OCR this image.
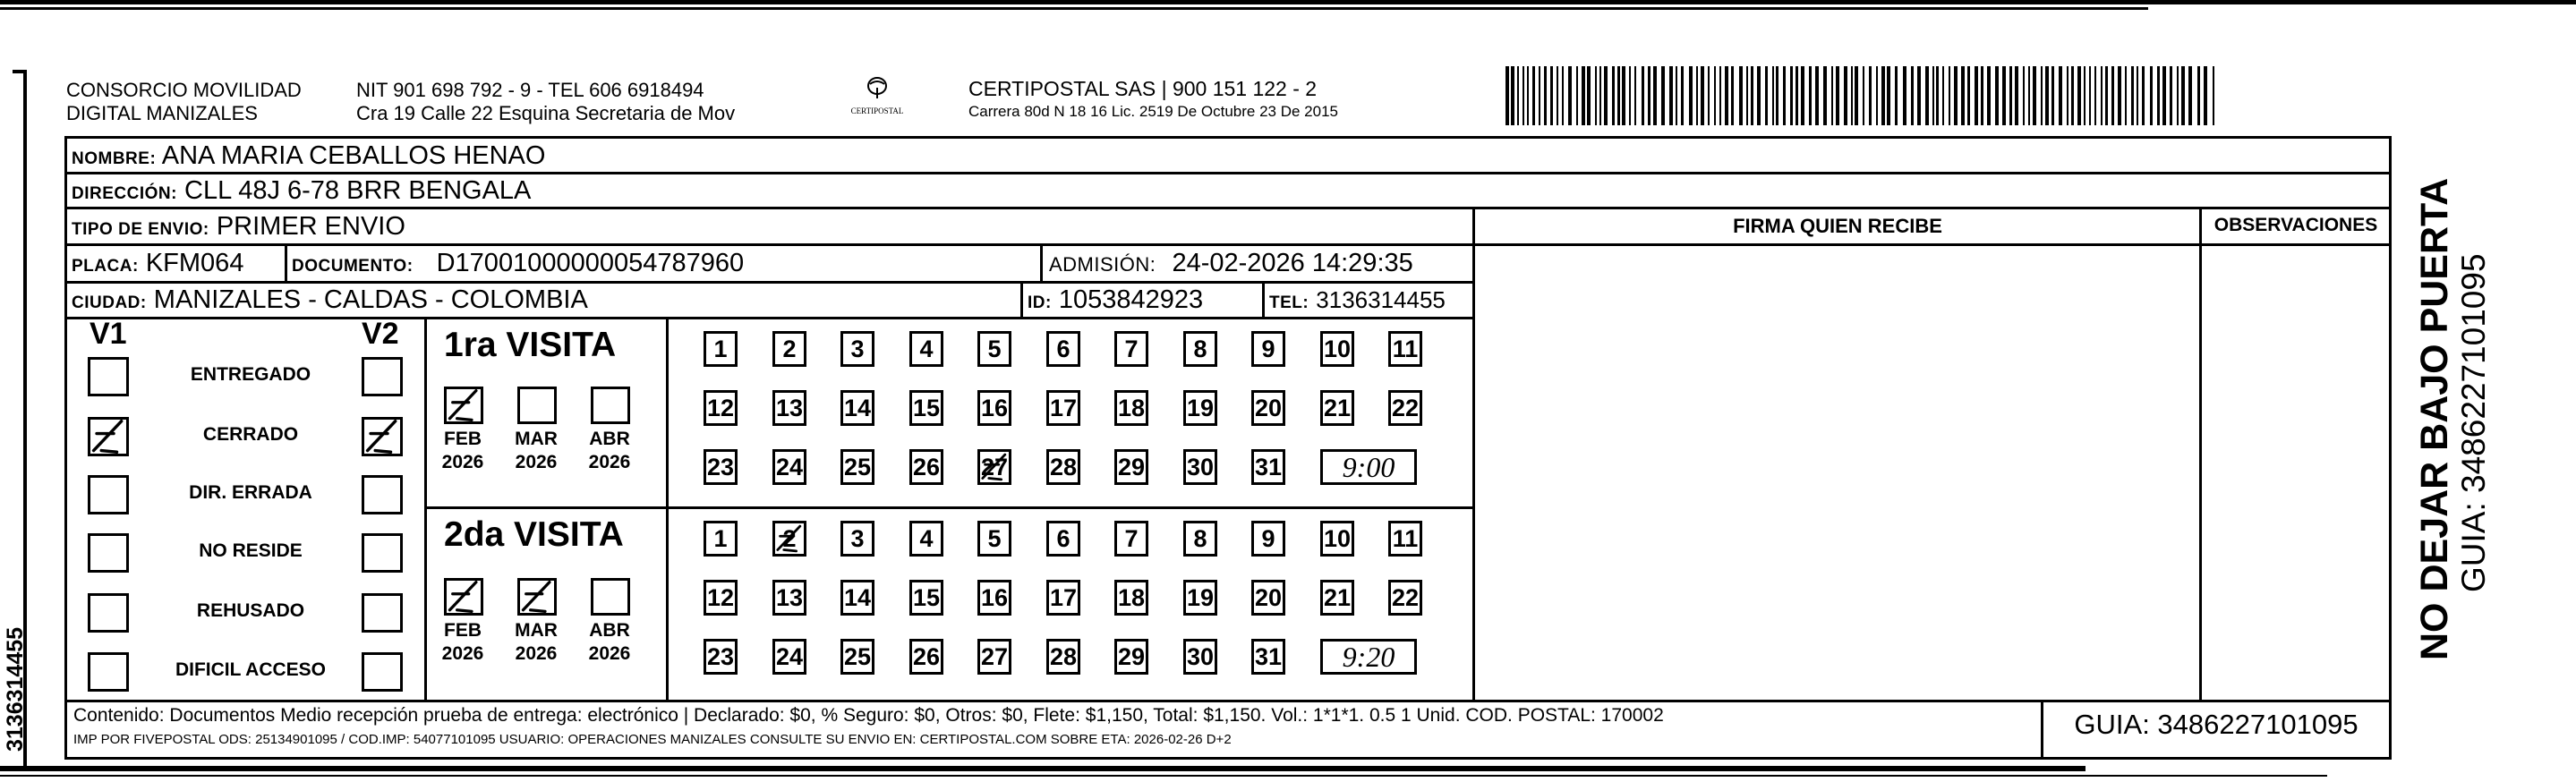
3136314455
CONSORCIO MOVILIDAD
DIGITAL MANIZALES
NIT 901 698 792 - 9 - TEL 606 6918494
Cra 19 Calle 22 Esquina Secretaria de Mov	CERTIPOSTAL
CERTIPOSTAL SAS | 900 151 122 - 2
Carrera 80d N 18 16 Lic. 2519 De Octubre 23 De 2015
NOMBRE: ANA MARIA CEBALLOS HENAO
DIRECCIÓN: CLL 48J 6-78 BRR BENGALA
TIPO DE ENVIO: PRIMER ENVIO
PLACA: KFM064	DOCUMENTO: D17001000000054787960	ADMISIÓN: 24-02-2026 14:29:35
CIUDAD: MANIZALES - CALDAS - COLOMBIA	ID: 1053842923	TEL: 3136314455
FIRMA QUIEN RECIBE	OBSERVACIONES
V1	V2
ENTREGADO
CERRADO
DIR. ERRADA
NO RESIDE
REHUSADO
DIFICIL ACCESO
1ra VISITA
2da VISITA
FEB
2026
MAR
2026
ABR
2026
FEB
2026
MAR
2026
ABR
2026
1	2	3	4	5	6	7	8	9	10 11
12 13 14 15 16 17 18 19 20 21 22
23 24 25 26 27 28 29 30 31	9:00
1	2	3	4	5	6	7	8	9	10 11
12 13 14 15 16 17 18 19 20 21 22
23 24 25 26 27 28 29 30 31	9:20
Contenido: Documentos Medio recepción prueba de entrega: electrónico | Declarado: $0, % Seguro: $0, Otros: $0, Flete: $1,150, Total: $1,150. Vol.: 1*1*1. 0.5 1 Unid. COD. POSTAL: 170002
IMP POR FIVEPOSTAL ODS: 25134901095 / COD.IMP: 54077101095 USUARIO: OPERACIONES MANIZALES CONSULTE SU ENVIO EN: CERTIPOSTAL.COM SOBRE ETA: 2026-02-26 D+2	GUIA: 3486227101095
NO DEJAR BAJO PUERTA GUIA: 3486227101095
